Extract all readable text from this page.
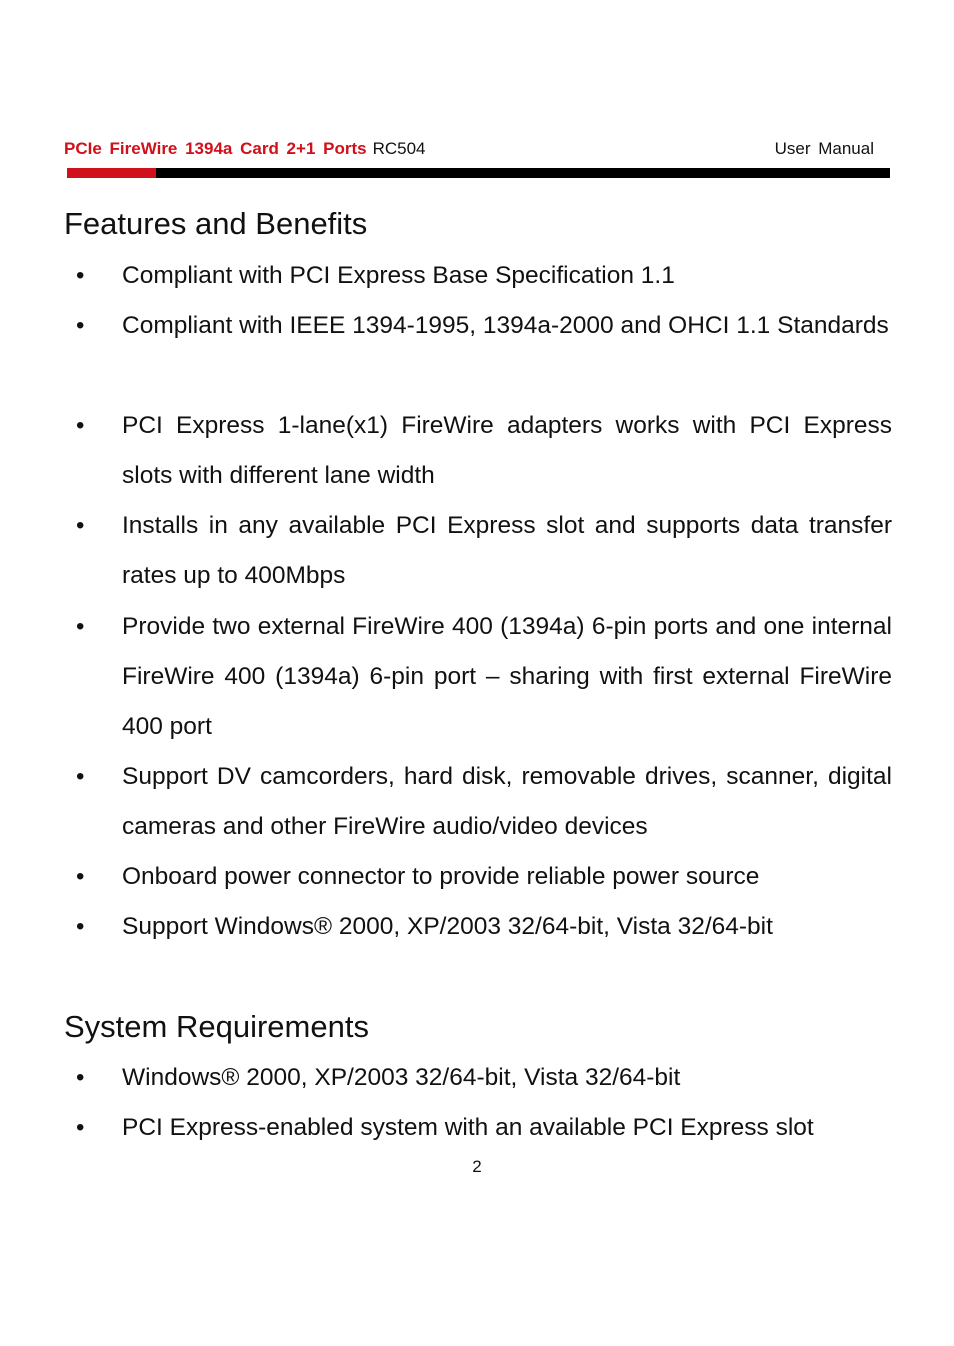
PCIe FireWire 1394a Card 2+1 Ports RC504	User Manual
Features and Benefits
• Compliant with PCI Express Base Specification 1.1
• Compliant with IEEE 1394-1995, 1394a-2000 and OHCI 1.1 Standards
• PCI Express 1-lane(x1) FireWire adapters works with PCI Express slots with different lane width
• Installs in any available PCI Express slot and supports data transfer rates up to 400Mbps
• Provide two external FireWire 400 (1394a) 6-pin ports and one internal FireWire 400 (1394a) 6-pin port – sharing with first external FireWire 400 port
• Support DV camcorders, hard disk, removable drives, scanner, digital cameras and other FireWire audio/video devices
• Onboard power connector to provide reliable power source
• Support Windows® 2000, XP/2003 32/64-bit, Vista 32/64-bit
System Requirements
• Windows® 2000, XP/2003 32/64-bit, Vista 32/64-bit
• PCI Express-enabled system with an available PCI Express slot
2
